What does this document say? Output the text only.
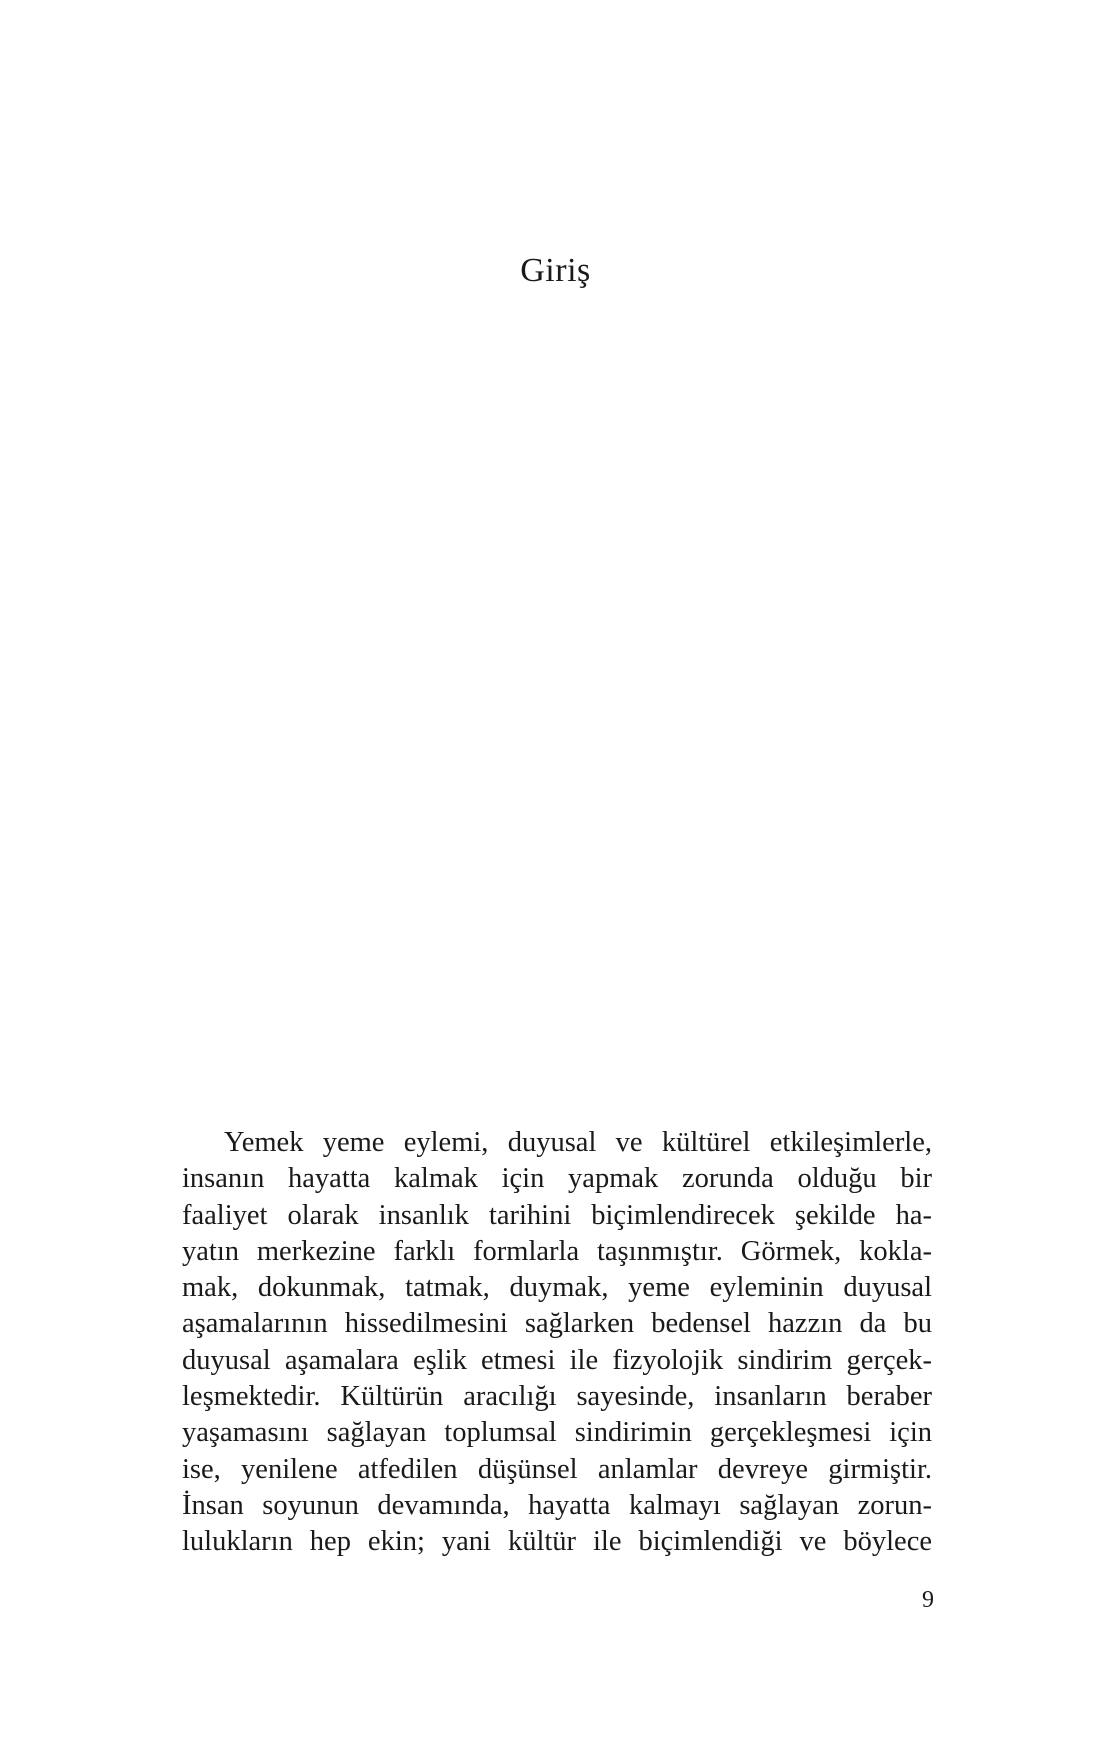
Giriş
Yemek yeme eylemi, duyusal ve kültürel etkileşimlerle,
insanın hayatta kalmak için yapmak zorunda olduğu bir
faaliyet olarak insanlık tarihini biçimlendirecek şekilde ha-
yatın merkezine farklı formlarla taşınmıştır. Görmek, kokla-
mak, dokunmak, tatmak, duymak, yeme eyleminin duyusal
aşamalarının hissedilmesini sağlarken bedensel hazzın da bu
duyusal aşamalara eşlik etmesi ile fizyolojik sindirim gerçek-
leşmektedir. Kültürün aracılığı sayesinde, insanların beraber
yaşamasını sağlayan toplumsal sindirimin gerçekleşmesi için
ise, yenilene atfedilen düşünsel anlamlar devreye girmiştir.
İnsan soyunun devamında, hayatta kalmayı sağlayan zorun-
lulukların hep ekin; yani kültür ile biçimlendiği ve böylece
9
